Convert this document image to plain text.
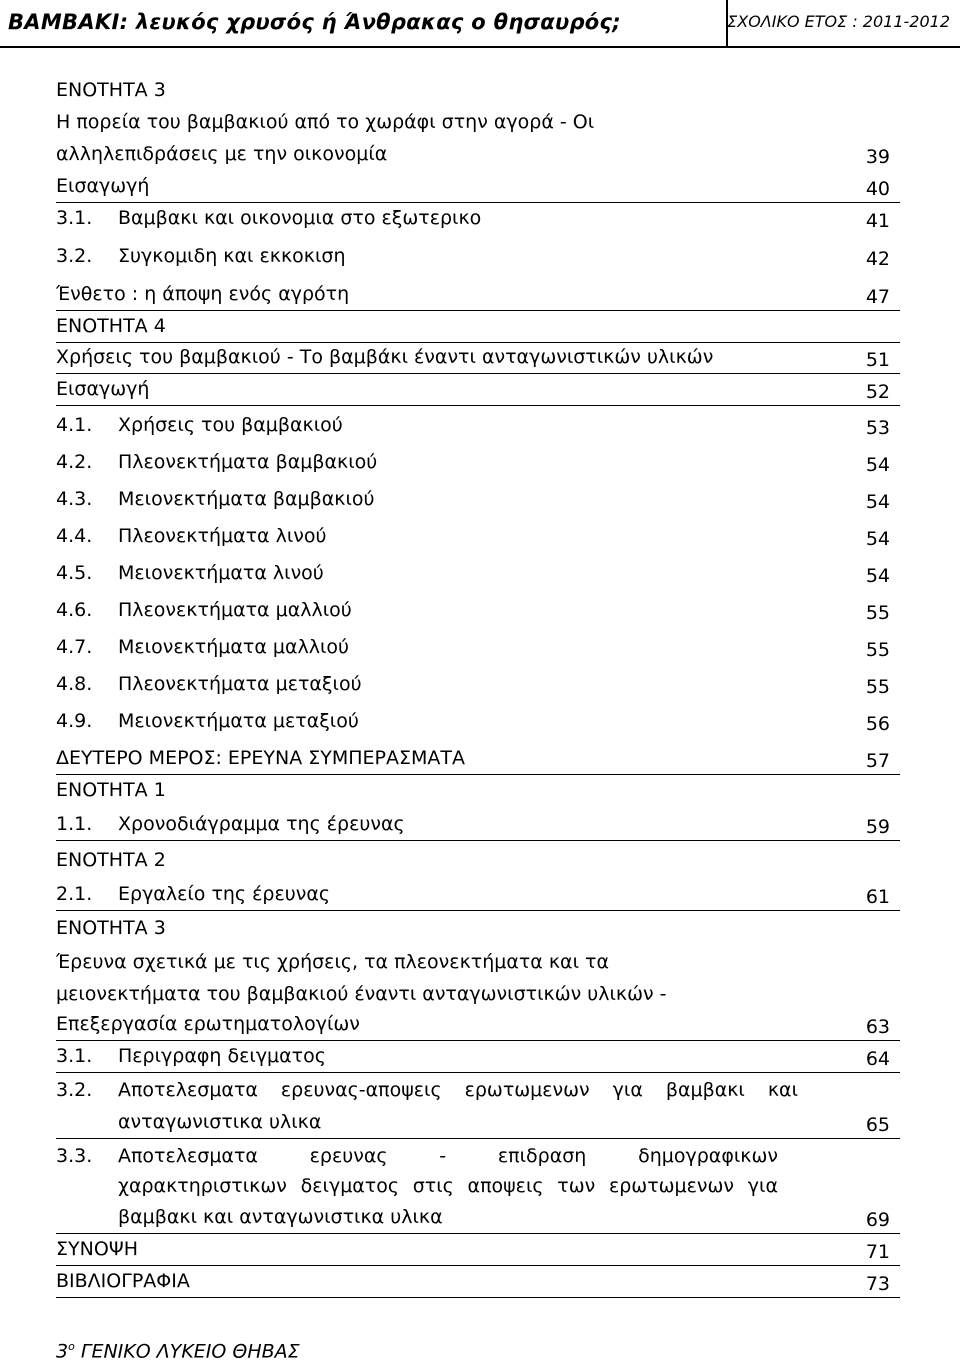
ΒΑΜΒΑΚΙ: λευκός χρυσός ή Άνθρακας ο θησαυρός;	ΣΧΟΛΙΚΟ ΕΤΟΣ : 2011-2012
ΕΝΟΤΗΤΑ 3
Η πορεία του βαμβακιού από το χωράφι στην αγορά - Οι
αλληλεπιδράσεις με την οικονομία	39
Εισαγωγή	40
3.1. Βαμβακι και οικονομια στο εξωτερικο	41
3.2. Συγκομιδη και εκκοκιση	42
Ένθετο : η άποψη ενός αγρότη	47
ΕΝΟΤΗΤΑ 4
Χρήσεις του βαμβακιού - Το βαμβάκι έναντι ανταγωνιστικών υλικών	51
Εισαγωγή	52
4.1. Χρήσεις του βαμβακιού	53
4.2. Πλεονεκτήματα βαμβακιού	54
4.3. Μειονεκτήματα βαμβακιού	54
4.4. Πλεονεκτήματα λινού	54
4.5. Μειονεκτήματα λινού	54
4.6. Πλεονεκτήματα μαλλιού	55
4.7. Μειονεκτήματα μαλλιού	55
4.8. Πλεονεκτήματα μεταξιού	55
4.9. Μειονεκτήματα μεταξιού	56
ΔΕΥΤΕΡΟ ΜΕΡΟΣ: ΕΡΕΥΝΑ ΣΥΜΠΕΡΑΣΜΑΤΑ	57
ΕΝΟΤΗΤΑ 1
1.1. Χρονοδιάγραμμα της έρευνας	59
ΕΝΟΤΗΤΑ 2
2.1. Εργαλείο της έρευνας	61
ΕΝΟΤΗΤΑ 3
Έρευνα σχετικά με τις χρήσεις, τα πλεονεκτήματα και τα
μειονεκτήματα του βαμβακιού έναντι ανταγωνιστικών υλικών -
Επεξεργασία ερωτηματολογίων	63
3.1. Περιγραφη δειγματος	64
3.2. Αποτελεσματα ερευνας-αποψεις ερωτωμενων για βαμβακι και
ανταγωνιστικα υλικα	65
3.3. Αποτελεσματα ερευνας - επιδραση δημογραφικων
χαρακτηριστικων δειγματος στις αποψεις των ερωτωμενων για
βαμβακι και ανταγωνιστικα υλικα	69
ΣΥΝΟΨΗ	71
ΒΙΒΛΙΟΓΡΑΦΙΑ	73
$3^o$ ΓΕΝΙΚΟ ΛΥΚΕΙΟ ΘΗΒΑΣ
